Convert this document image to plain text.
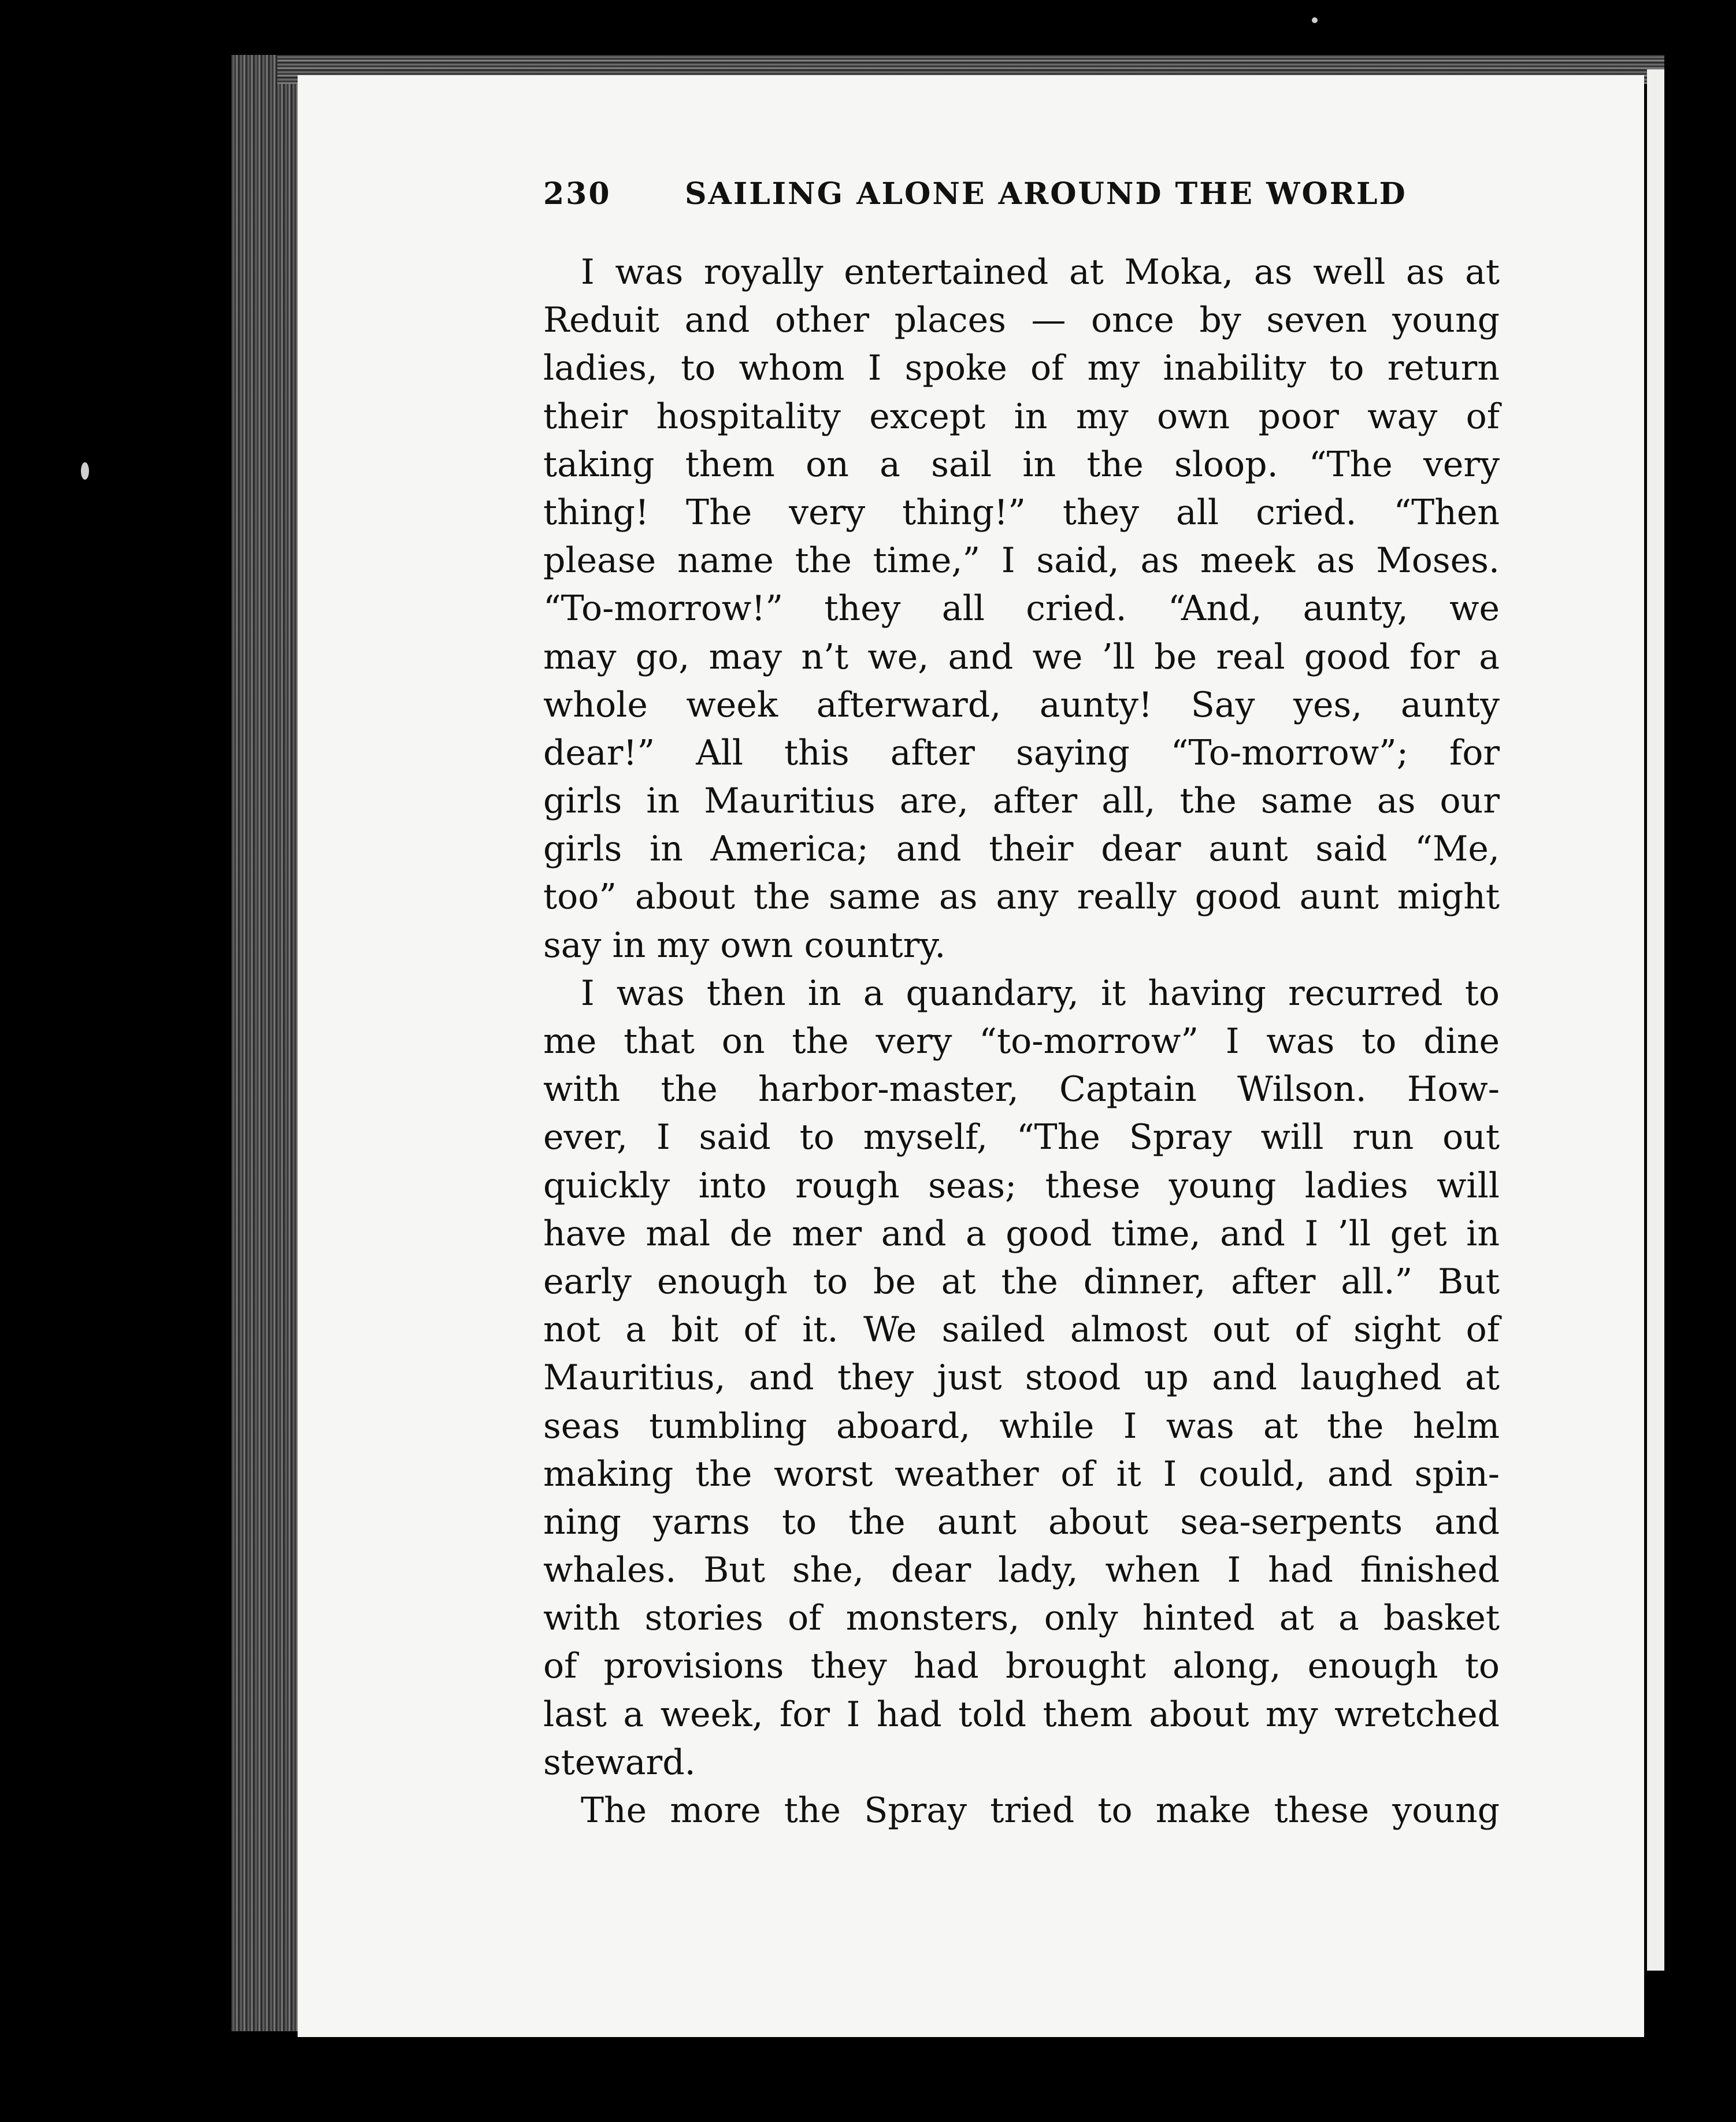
230 SAILING ALONE AROUND THE WORLD
I was royally entertained at Moka, as well as at
Reduit and other places — once by seven young
ladies, to whom I spoke of my inability to return
their hospitality except in my own poor way of
taking them on a sail in the sloop. “The very
thing! The very thing!” they all cried. “Then
please name the time,” I said, as meek as Moses.
“To-morrow!” they all cried. “And, aunty, we
may go, may n’t we, and we ’ll be real good for a
whole week afterward, aunty! Say yes, aunty
dear!” All this after saying “To-morrow”; for
girls in Mauritius are, after all, the same as our
girls in America; and their dear aunt said “Me,
too” about the same as any really good aunt might
say in my own country.
I was then in a quandary, it having recurred to
me that on the very “to-morrow” I was to dine
with the harbor-master, Captain Wilson. How-
ever, I said to myself, “The Spray will run out
quickly into rough seas; these young ladies will
have mal de mer and a good time, and I ’ll get in
early enough to be at the dinner, after all.” But
not a bit of it. We sailed almost out of sight of
Mauritius, and they just stood up and laughed at
seas tumbling aboard, while I was at the helm
making the worst weather of it I could, and spin-
ning yarns to the aunt about sea-serpents and
whales. But she, dear lady, when I had finished
with stories of monsters, only hinted at a basket
of provisions they had brought along, enough to
last a week, for I had told them about my wretched
steward.
The more the Spray tried to make these young
